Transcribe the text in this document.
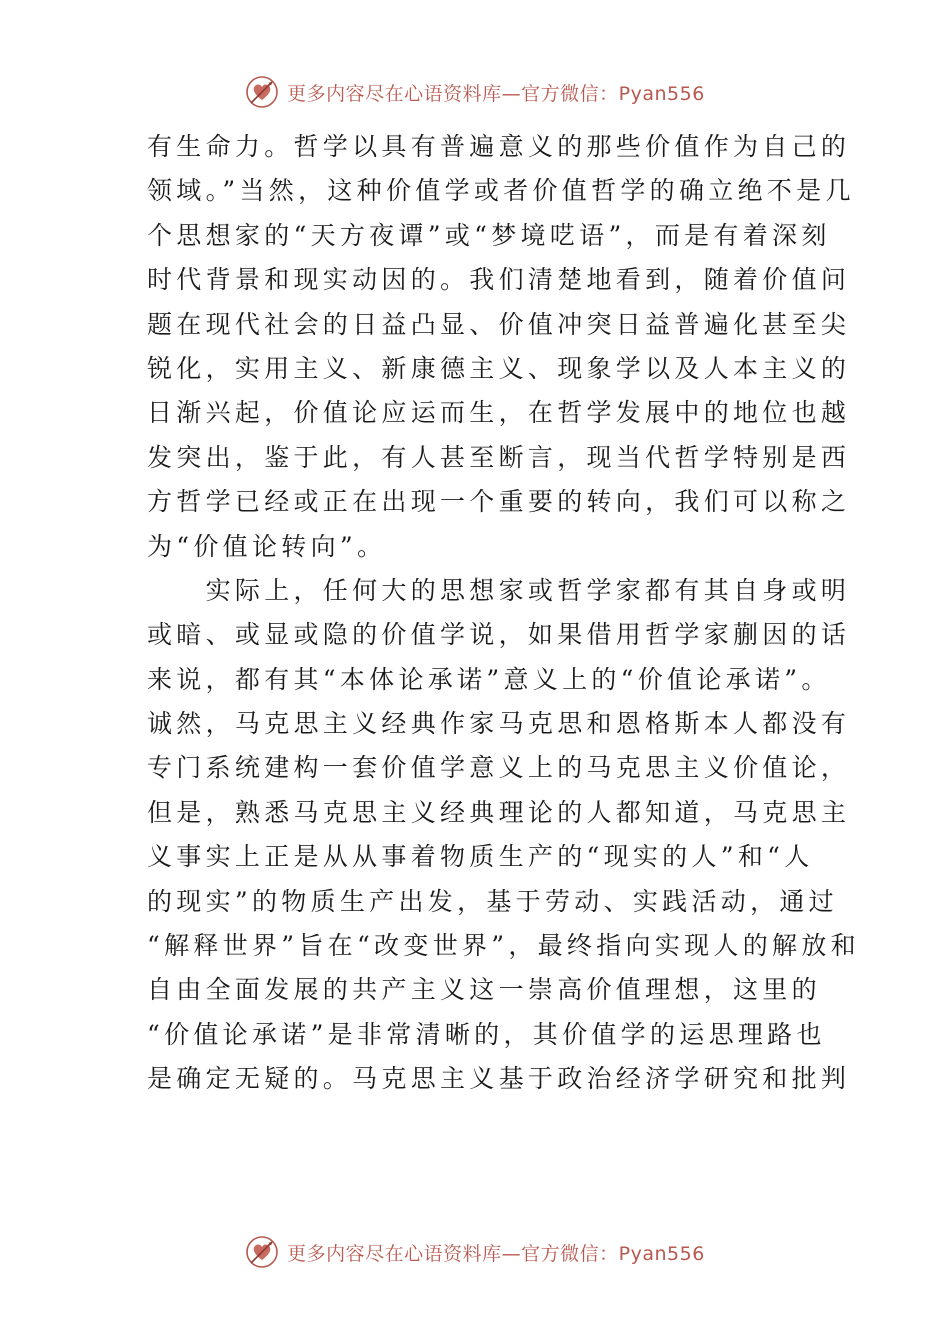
更多内容尽在心语资料库—官方微信：Pyan556
有生命力。哲学以具有普遍意义的那些价值作为自己的
领域。”当然，这种价值学或者价值哲学的确立绝不是几
个思想家的“天方夜谭”或“梦境呓语”，而是有着深刻
时代背景和现实动因的。我们清楚地看到，随着价值问
题在现代社会的日益凸显、价值冲突日益普遍化甚至尖
锐化，实用主义、新康德主义、现象学以及人本主义的
日渐兴起，价值论应运而生，在哲学发展中的地位也越
发突出，鉴于此，有人甚至断言，现当代哲学特别是西
方哲学已经或正在出现一个重要的转向，我们可以称之
为“价值论转向”。
　　实际上，任何大的思想家或哲学家都有其自身或明
或暗、或显或隐的价值学说，如果借用哲学家蒯因的话
来说，都有其“本体论承诺”意义上的“价值论承诺”。
诚然，马克思主义经典作家马克思和恩格斯本人都没有
专门系统建构一套价值学意义上的马克思主义价值论，
但是，熟悉马克思主义经典理论的人都知道，马克思主
义事实上正是从从事着物质生产的“现实的人”和“人
的现实”的物质生产出发，基于劳动、实践活动，通过
“解释世界”旨在“改变世界”，最终指向实现人的解放和
自由全面发展的共产主义这一崇高价值理想，这里的
“价值论承诺”是非常清晰的，其价值学的运思理路也
是确定无疑的。马克思主义基于政治经济学研究和批判
更多内容尽在心语资料库—官方微信：Pyan556
